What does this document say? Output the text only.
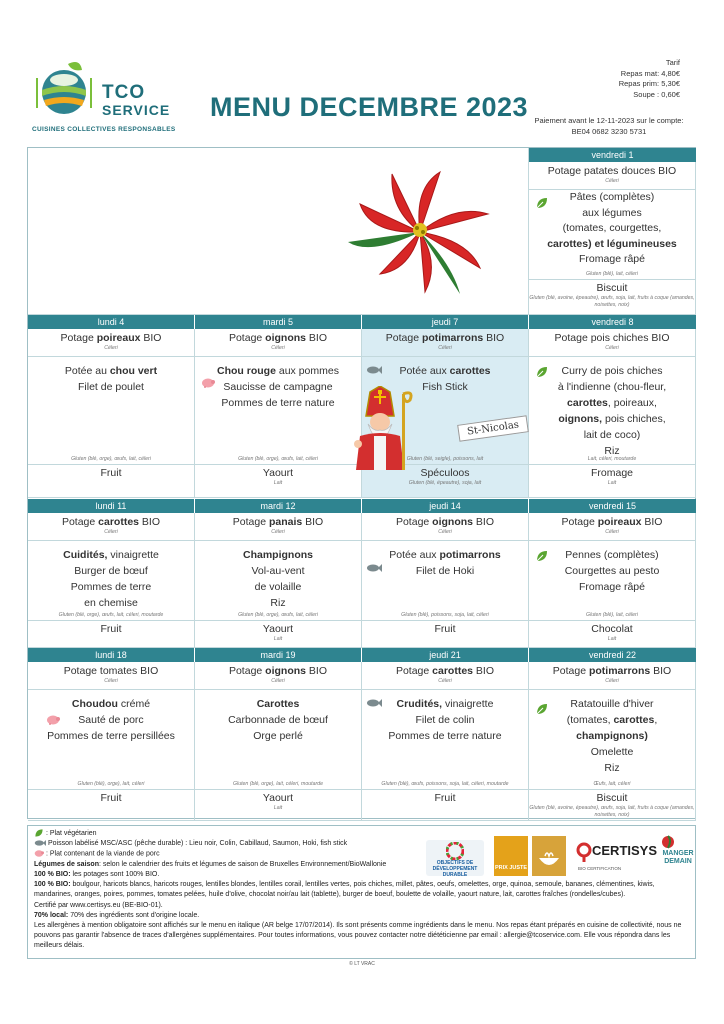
TCO
SERVICE
CUISINES COLLECTIVES RESPONSABLES
MENU DECEMBRE 2023
Tarif
Repas mat: 4,80€
Repas prim: 5,30€
Soupe : 0,60€
Paiement avant le 12-11-2023 sur le compte:
BE04 0682 3230 5731
vendredi 1
Potage patates douces BIO
Céleri
Pâtes (complètes)
aux légumes
(tomates, courgettes,
carottes) et légumineuses
Fromage râpé
Gluten (blé), lait, céleri
Biscuit
Gluten (blé, avoine, épeautre), œufs, soja, lait, fruits à coque (amandes, noisettes, noix)
lundi 4
Potage poireaux BIO
Céleri
Potée au chou vert
Filet de poulet
Gluten (blé, orge), œufs, lait, céleri
Fruit
mardi 5
Potage oignons BIO
Céleri
Chou rouge aux pommes
Saucisse de campagne
Pommes de terre nature
Gluten (blé, orge), œufs, lait, céleri
Yaourt
Lait
jeudi 7
Potage potimarrons BIO
Céleri
Potée aux carottes
Fish Stick
Gluten (blé, seigle), poissons, lait
Spéculoos
Gluten (blé, épeautre), soja, lait
vendredi 8
Potage pois chiches BIO
Céleri
Curry de pois chiches
à l'indienne (chou-fleur,
carottes, poireaux,
oignons, pois chiches,
lait de coco)
Riz
Lait, céleri, moutarde
Fromage
Lait
lundi 11
Potage carottes BIO
Céleri
Cuidités, vinaigrette
Burger de bœuf
Pommes de terre
en chemise
Gluten (blé, orge), œufs, lait, céleri, moutarde
Fruit
mardi 12
Potage panais BIO
Céleri
Champignons
Vol-au-vent
de volaille
Riz
Gluten (blé, orge), œufs, lait, céleri
Yaourt
Lait
jeudi 14
Potage oignons BIO
Céleri
Potée aux potimarrons
Filet de Hoki
Gluten (blé), poissons, soja, lait, céleri
Fruit
vendredi 15
Potage poireaux BIO
Céleri
Pennes (complètes)
Courgettes au pesto
Fromage râpé
Gluten (blé), lait, céleri
Chocolat
Lait
lundi 18
Potage tomates BIO
Céleri
Choudou crémé
Sauté de porc
Pommes de terre persillées
Gluten (blé), orge), lait, céleri
Fruit
mardi 19
Potage oignons BIO
Céleri
Carottes
Carbonnade de bœuf
Orge perlé
Gluten (blé, orge), lait, céleri, moutarde
Yaourt
Lait
jeudi 21
Potage carottes BIO
Céleri
Crudités, vinaigrette
Filet de colin
Pommes de terre nature
Gluten (blé), œufs, poissons, soja, lait, céleri, moutarde
Fruit
vendredi 22
Potage potimarrons BIO
Céleri
Ratatouille d'hiver
(tomates, carottes,
champignons)
Omelette
Riz
Œufs, lait, céleri
Biscuit
Gluten (blé, avoine, épeautre), œufs, soja, lait, fruits à coque (amandes, noisettes, noix)
St-Nicolas
: Plat végétarien
Poisson labélisé MSC/ASC (pêche durable) : Lieu noir, Colin, Cabillaud, Saumon, Hoki, fish stick
: Plat contenant de la viande de porc
Légumes de saison: selon le calendrier des fruits et légumes de saison de Bruxelles Environnement/BioWallonie
100 % BIO: les potages sont 100% BIO.
100 % BIO: boulgour, haricots blancs, haricots rouges, lentilles blondes, lentilles corail, lentilles vertes, pois chiches, millet, pâtes, oeufs, omelettes, orge, quinoa, semoule, bananes, clémentines, kiwis, mandarines, oranges, poires, pommes, tomates pelées, huile d'olive, chocolat noir/au lait (tablette), burger de boeuf, boulette de volaille, yaourt nature, lait, carottes fraîches (rondelles/cubes).
Certifié par www.certisys.eu (BE-BIO-01).
70% local: 70% des ingrédients sont d'origine locale.
Les allergènes à mention obligatoire sont affichés sur le menu en italique (AR belge 17/07/2014). Ils sont présents comme ingrédients dans le menu. Nos repas étant préparés en cuisine de collectivité, nous ne pouvons pas garantir l'absence de traces d'allergènes supplémentaires. Pour toutes informations, vous pouvez contacter notre diététicienne par email : allergie@tcoservice.com. Elle vous répondra dans les meilleurs délais.
OBJECTIFS DE DÉVELOPPEMENT DURABLE
PRIX JUSTE
CERTISYS
BIO CERTIFICATION
MANGER
DEMAIN
© LT VRAC
